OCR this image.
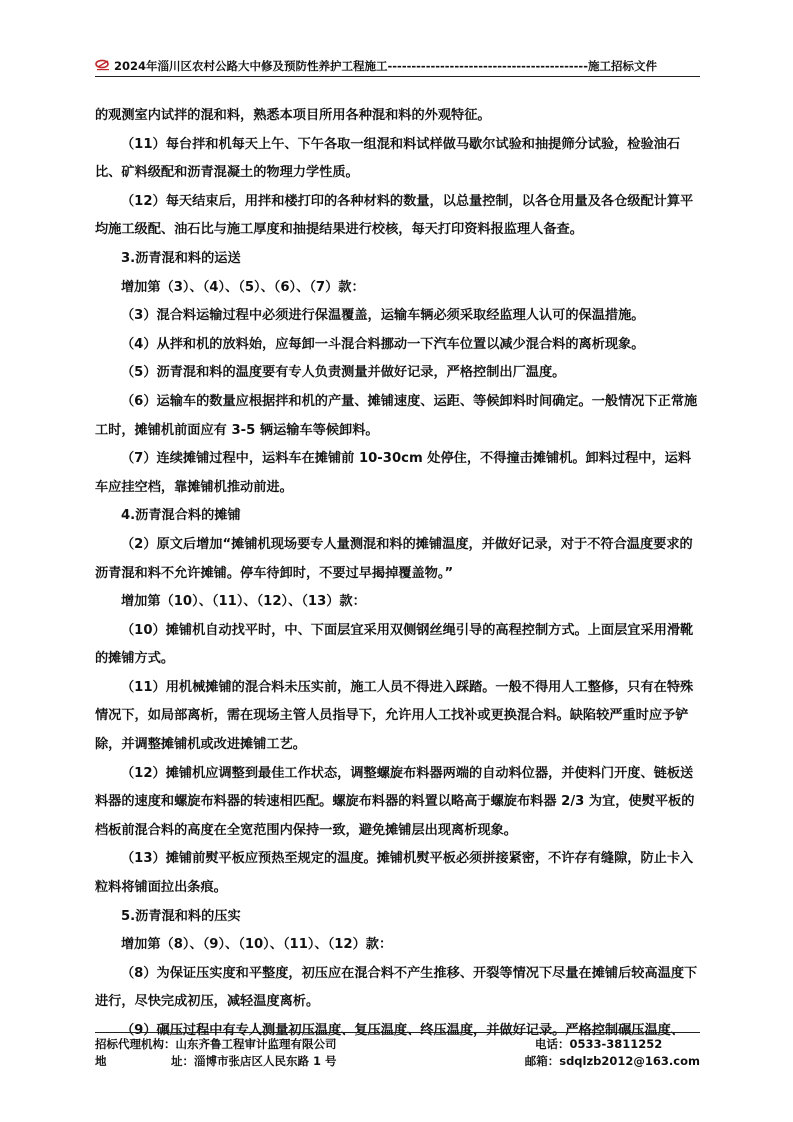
2024年淄川区农村公路大中修及预防性养护工程施工------------------------------------------施工招标文件

的观测室内试拌的混和料，熟悉本项目所用各种混和料的外观特征。

（11）每台拌和机每天上午、下午各取一组混和料试样做马歇尔试验和抽提筛分试验，检验油石比、矿料级配和沥青混凝土的物理力学性质。

（12）每天结束后，用拌和楼打印的各种材料的数量，以总量控制，以各仓用量及各仓级配计算平均施工级配、油石比与施工厚度和抽提结果进行校核，每天打印资料报监理人备查。

3.沥青混和料的运送

增加第（3）、（4）、（5）、（6）、（7）款：

（3）混合料运输过程中必须进行保温覆盖，运输车辆必须采取经监理人认可的保温措施。

（4）从拌和机的放料始，应每卸一斗混合料挪动一下汽车位置以减少混合料的离析现象。

（5）沥青混和料的温度要有专人负责测量并做好记录，严格控制出厂温度。

（6）运输车的数量应根据拌和机的产量、摊铺速度、运距、等候卸料时间确定。一般情况下正常施工时，摊铺机前面应有 3-5 辆运输车等候卸料。

（7）连续摊铺过程中，运料车在摊铺前 10-30cm 处停住，不得撞击摊铺机。卸料过程中，运料车应挂空档，靠摊铺机推动前进。

4.沥青混合料的摊铺

（2）原文后增加“摊铺机现场要专人量测混和料的摊铺温度，并做好记录，对于不符合温度要求的沥青混和料不允许摊铺。停车待卸时，不要过早揭掉覆盖物。”

增加第（10）、（11）、（12）、（13）款：

（10）摊铺机自动找平时，中、下面层宜采用双侧钢丝绳引导的高程控制方式。上面层宜采用滑靴的摊铺方式。

（11）用机械摊铺的混合料未压实前，施工人员不得进入踩踏。一般不得用人工整修，只有在特殊情况下，如局部离析，需在现场主管人员指导下，允许用人工找补或更换混合料。缺陷较严重时应予铲除，并调整摊铺机或改进摊铺工艺。

（12）摊铺机应调整到最佳工作状态，调整螺旋布料器两端的自动料位器，并使料门开度、链板送料器的速度和螺旋布料器的转速相匹配。螺旋布料器的料置以略高于螺旋布料器 2/3 为宜，使熨平板的档板前混合料的高度在全宽范围内保持一致，避免摊铺层出现离析现象。

（13）摊铺前熨平板应预热至规定的温度。摊铺机熨平板必须拼接紧密，不许存有缝隙，防止卡入粒料将铺面拉出条痕。

5.沥青混和料的压实

增加第（8）、（9）、（10）、（11）、（12）款：

（8）为保证压实度和平整度，初压应在混合料不产生推移、开裂等情况下尽量在摊铺后较高温度下进行，尽快完成初压，减轻温度离析。

（9）碾压过程中有专人测量初压温度、复压温度、终压温度，并做好记录。严格控制碾压温度、

招标代理机构：山东齐鲁工程审计监理有限公司	电话：0533-3811252
地	址：淄博市张店区人民东路 1 号	邮箱：sdqlzb2012@163.com
